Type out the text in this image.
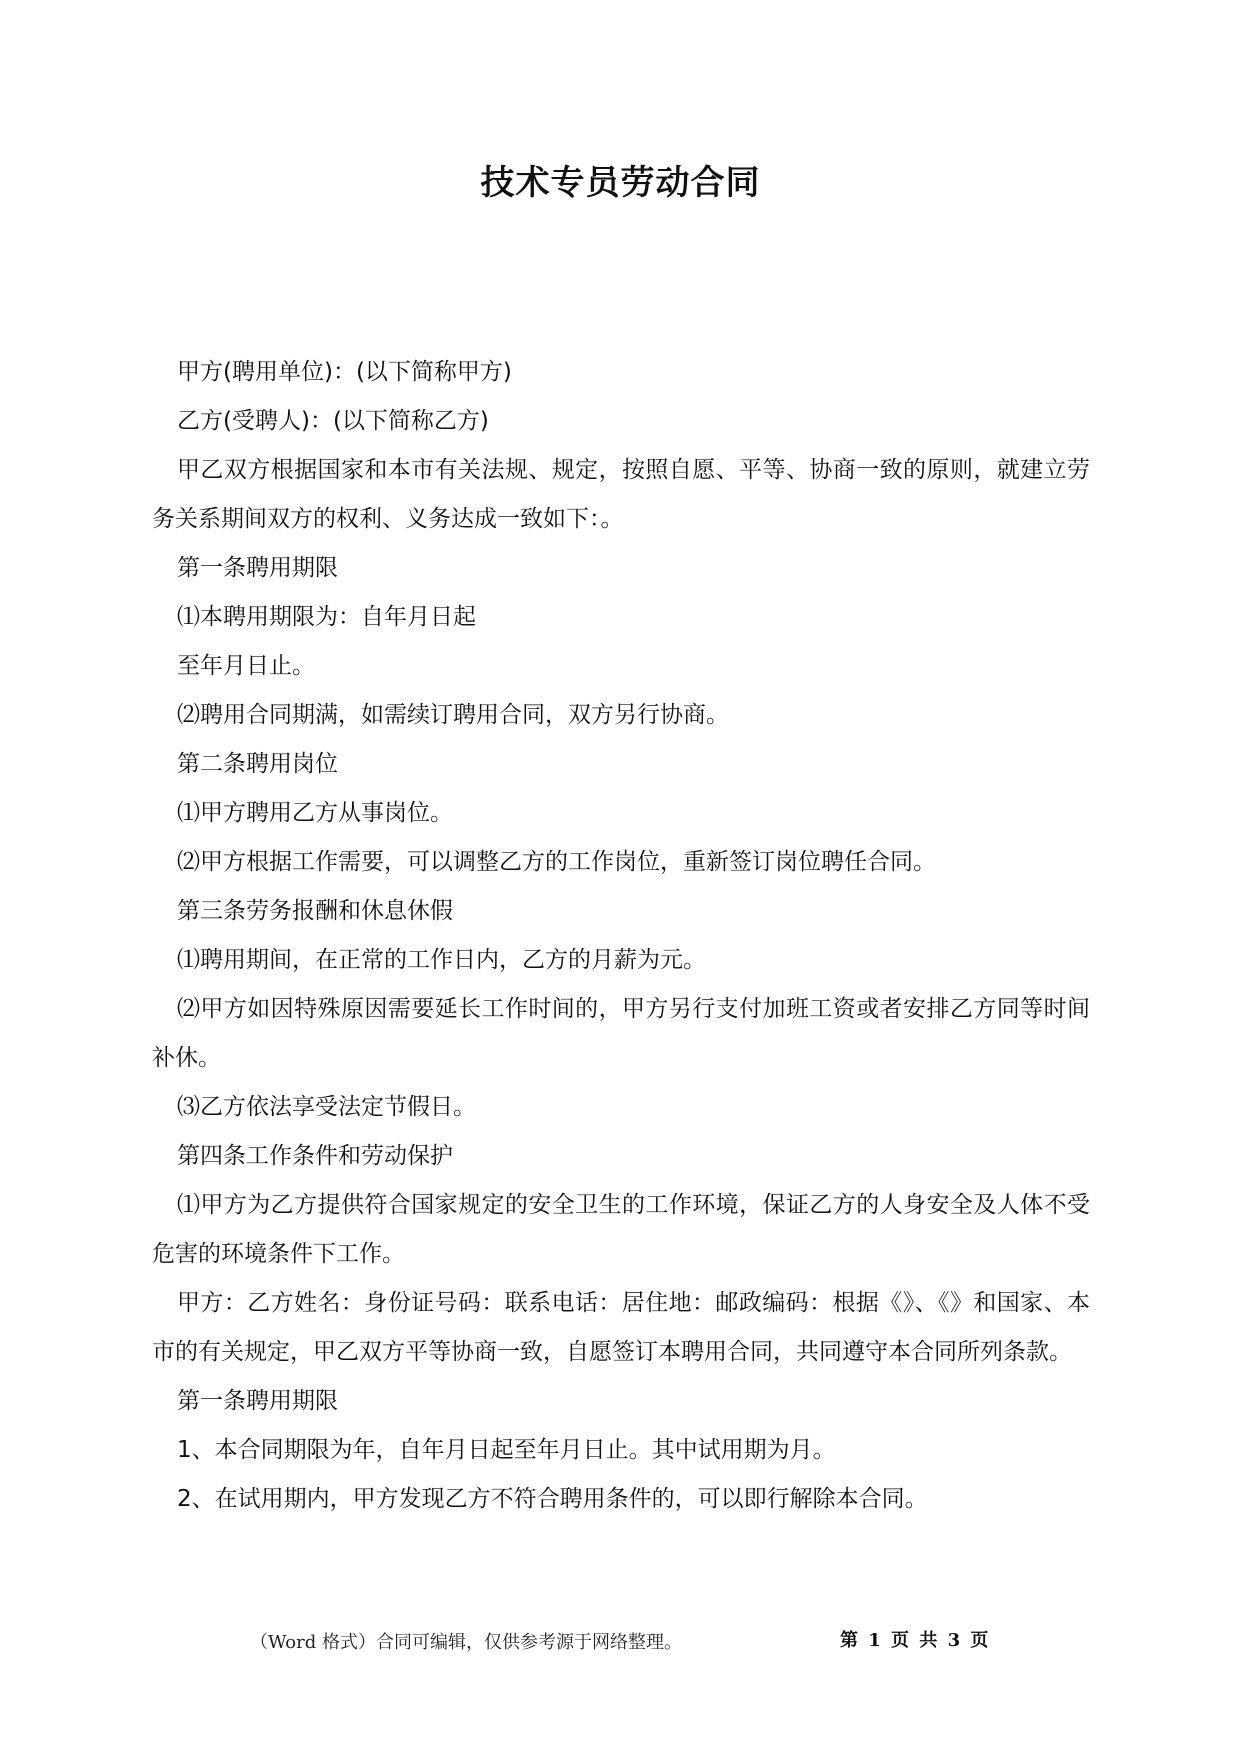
技术专员劳动合同

甲方(聘用单位)：(以下简称甲方)

乙方(受聘人)：(以下简称乙方)

甲乙双方根据国家和本市有关法规、规定，按照自愿、平等、协商一致的原则，就建立劳务关系期间双方的权利、义务达成一致如下：。

第一条聘用期限

⑴本聘用期限为：自年月日起

至年月日止。

⑵聘用合同期满，如需续订聘用合同，双方另行协商。

第二条聘用岗位

⑴甲方聘用乙方从事岗位。

⑵甲方根据工作需要，可以调整乙方的工作岗位，重新签订岗位聘任合同。

第三条劳务报酬和休息休假

⑴聘用期间，在正常的工作日内，乙方的月薪为元。

⑵甲方如因特殊原因需要延长工作时间的，甲方另行支付加班工资或者安排乙方同等时间补休。

⑶乙方依法享受法定节假日。

第四条工作条件和劳动保护

⑴甲方为乙方提供符合国家规定的安全卫生的工作环境，保证乙方的人身安全及人体不受危害的环境条件下工作。

甲方：乙方姓名：身份证号码：联系电话：居住地：邮政编码：根据《》、《》和国家、本市的有关规定，甲乙双方平等协商一致，自愿签订本聘用合同，共同遵守本合同所列条款。

第一条聘用期限

1、本合同期限为年，自年月日起至年月日止。其中试用期为月。

2、在试用期内，甲方发现乙方不符合聘用条件的，可以即行解除本合同。

（Word 格式）合同可编辑，仅供参考源于网络整理。	第 1 页 共 3 页
